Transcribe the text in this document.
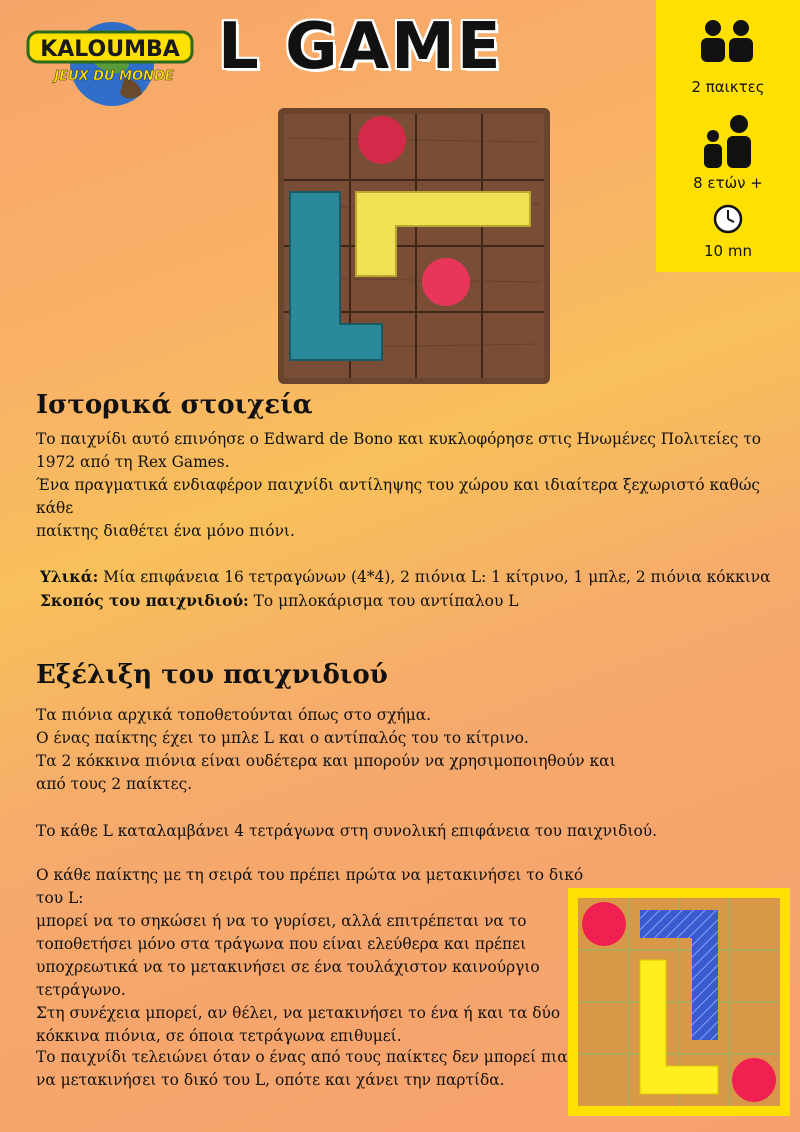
KALOUMBA
JEUX DU MONDE L GAME
2 παικτες
8 ετών +
10 mn
Ιστορικά στοιχεία

Το παιχνίδι αυτό επινόησε ο Edward de Bono και κυκλοφόρησε στις Ηνωμένες Πολιτείες το
1972 από τη Rex Games.
Ένα πραγματικά ενδιαφέρον παιχνίδι αντίληψης του χώρου και ιδιαίτερα ξεχωριστό καθώς κάθε
παίκτης διαθέτει ένα μόνο πιόνι.

Υλικά: Μία επιφάνεια 16 τετραγώνων (4*4), 2 πιόνια L: 1 κίτρινο, 1 μπλε, 2 πιόνια κόκκινα

Σκοπός του παιχνιδιού: Το μπλοκάρισμα του αντίπαλου L

Εξέλιξη του παιχνιδιού

Τα πιόνια αρχικά τοποθετούνται όπως στο σχήμα.
Ο ένας παίκτης έχει το μπλε L και ο αντίπαλός του το κίτρινο.
Τα 2 κόκκινα πιόνια είναι ουδέτερα και μπορούν να χρησιμοποιηθούν και
από τους 2 παίκτες.

Το κάθε L καταλαμβάνει 4 τετράγωνα στη συνολική επιφάνεια του παιχνιδιού.

Ο κάθε παίκτης με τη σειρά του πρέπει πρώτα να μετακινήσει το δικό του L:
μπορεί να το σηκώσει ή να το γυρίσει, αλλά επιτρέπεται να το
τοποθετήσει μόνο στα τράγωνα που είναι ελεύθερα και πρέπει
υποχρεωτικά να το μετακινήσει σε ένα τουλάχιστον καινούργιο
τετράγωνο.
Στη συνέχεια μπορεί, αν θέλει, να μετακινήσει το ένα ή και τα δύο
κόκκινα πιόνια, σε όποια τετράγωνα επιθυμεί.

Το παιχνίδι τελειώνει όταν ο ένας από τους παίκτες δεν μπορεί πια
να μετακινήσει το δικό του L, οπότε και χάνει την παρτίδα.
